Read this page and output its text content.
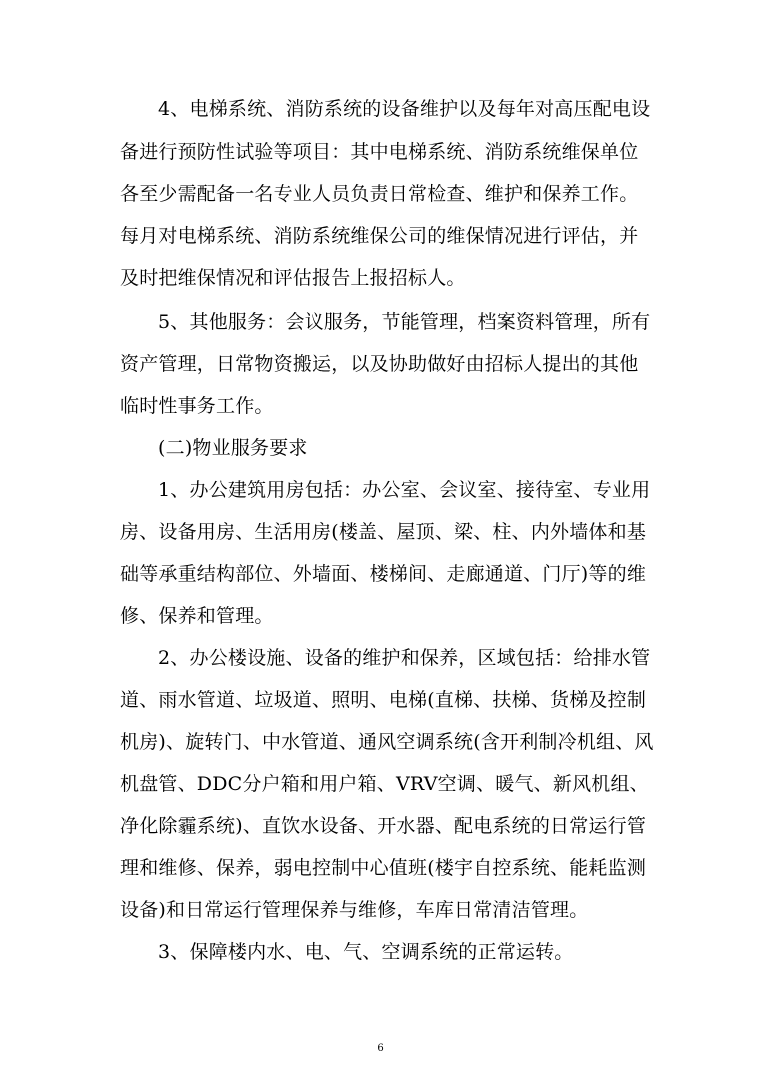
4、电梯系统、消防系统的设备维护以及每年对高压配电设
备进行预防性试验等项目：其中电梯系统、消防系统维保单位
各至少需配备一名专业人员负责日常检查、维护和保养工作。
每月对电梯系统、消防系统维保公司的维保情况进行评估，并
及时把维保情况和评估报告上报招标人。
5、其他服务：会议服务，节能管理，档案资料管理，所有
资产管理，日常物资搬运，以及协助做好由招标人提出的其他
临时性事务工作。
(二)物业服务要求
1、办公建筑用房包括：办公室、会议室、接待室、专业用
房、设备用房、生活用房(楼盖、屋顶、梁、柱、内外墙体和基
础等承重结构部位、外墙面、楼梯间、走廊通道、门厅)等的维
修、保养和管理。
2、办公楼设施、设备的维护和保养，区域包括：给排水管
道、雨水管道、垃圾道、照明、电梯(直梯、扶梯、货梯及控制
机房)、旋转门、中水管道、通风空调系统(含开利制冷机组、风
机盘管、DDC分户箱和用户箱、VRV空调、暖气、新风机组、
净化除霾系统)、直饮水设备、开水器、配电系统的日常运行管
理和维修、保养，弱电控制中心值班(楼宇自控系统、能耗监测
设备)和日常运行管理保养与维修，车库日常清洁管理。
3、保障楼内水、电、气、空调系统的正常运转。
6
